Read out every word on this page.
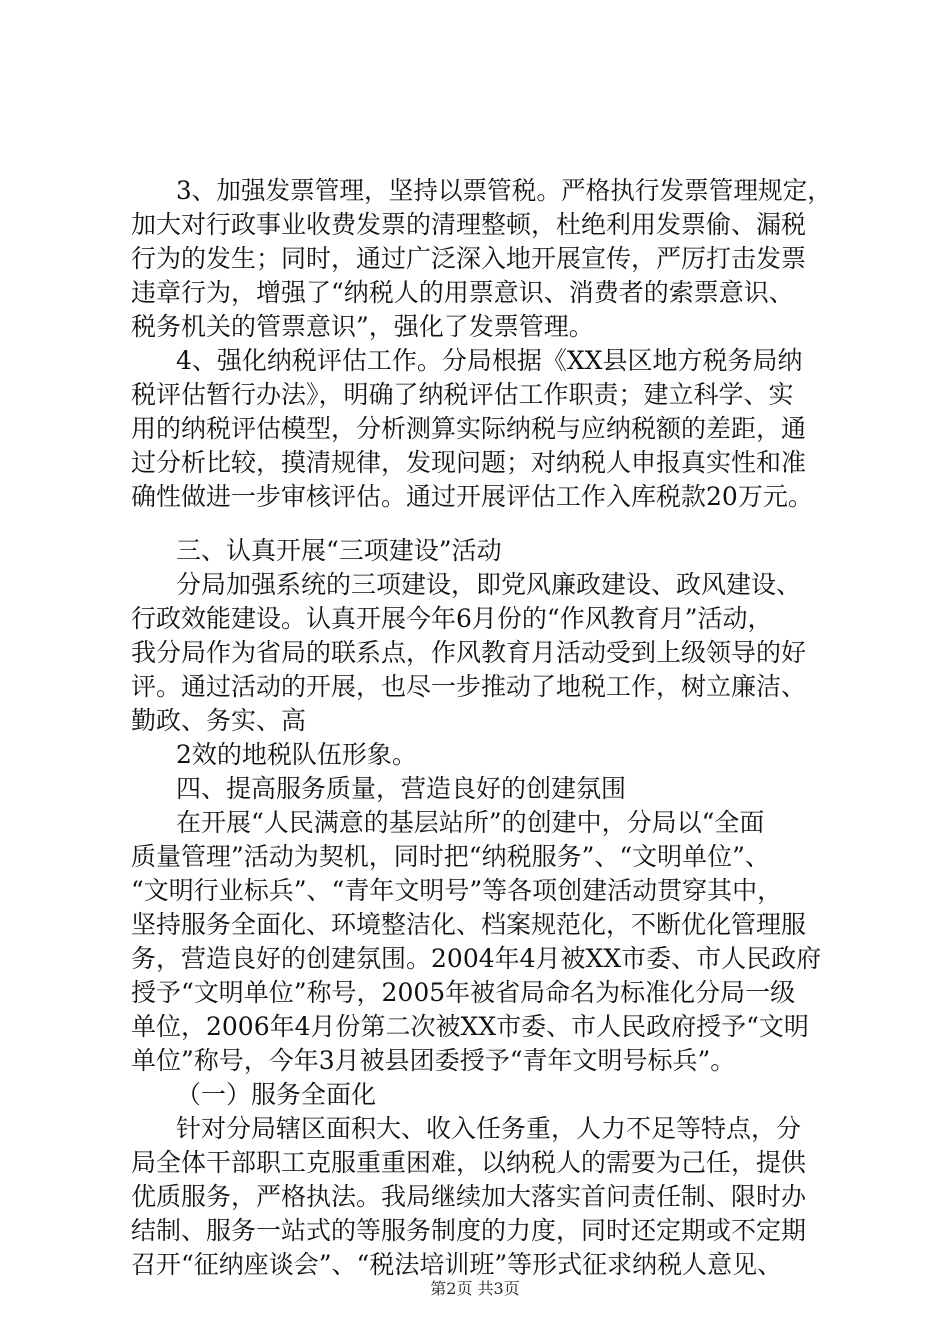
3、加强发票管理，坚持以票管税。严格执行发票管理规定，
加大对行政事业收费发票的清理整顿，杜绝利用发票偷、漏税
行为的发生；同时，通过广泛深入地开展宣传，严厉打击发票
违章行为，增强了“纳税人的用票意识、消费者的索票意识、
税务机关的管票意识”，强化了发票管理。
4、强化纳税评估工作。分局根据《XX县区地方税务局纳
税评估暂行办法》，明确了纳税评估工作职责；建立科学、实
用的纳税评估模型，分析测算实际纳税与应纳税额的差距，通
过分析比较，摸清规律，发现问题；对纳税人申报真实性和准
确性做进一步审核评估。通过开展评估工作入库税款20万元。
三、认真开展“三项建设”活动
分局加强系统的三项建设，即党风廉政建设、政风建设、
行政效能建设。认真开展今年6月份的“作风教育月”活动，
我分局作为省局的联系点，作风教育月活动受到上级领导的好
评。通过活动的开展，也尽一步推动了地税工作，树立廉洁、
勤政、务实、高
2效的地税队伍形象。
四、提高服务质量，营造良好的创建氛围
在开展“人民满意的基层站所”的创建中，分局以“全面
质量管理”活动为契机，同时把“纳税服务”、“文明单位”、
“文明行业标兵”、“青年文明号”等各项创建活动贯穿其中，
坚持服务全面化、环境整洁化、档案规范化，不断优化管理服
务，营造良好的创建氛围。2004年4月被XX市委、市人民政府
授予“文明单位”称号，2005年被省局命名为标准化分局一级
单位，2006年4月份第二次被XX市委、市人民政府授予“文明
单位”称号，今年3月被县团委授予“青年文明号标兵”。
（一）服务全面化
针对分局辖区面积大、收入任务重，人力不足等特点，分
局全体干部职工克服重重困难，以纳税人的需要为己任，提供
优质服务，严格执法。我局继续加大落实首问责任制、限时办
结制、服务一站式的等服务制度的力度，同时还定期或不定期
召开“征纳座谈会”、“税法培训班”等形式征求纳税人意见、
第2页 共3页
